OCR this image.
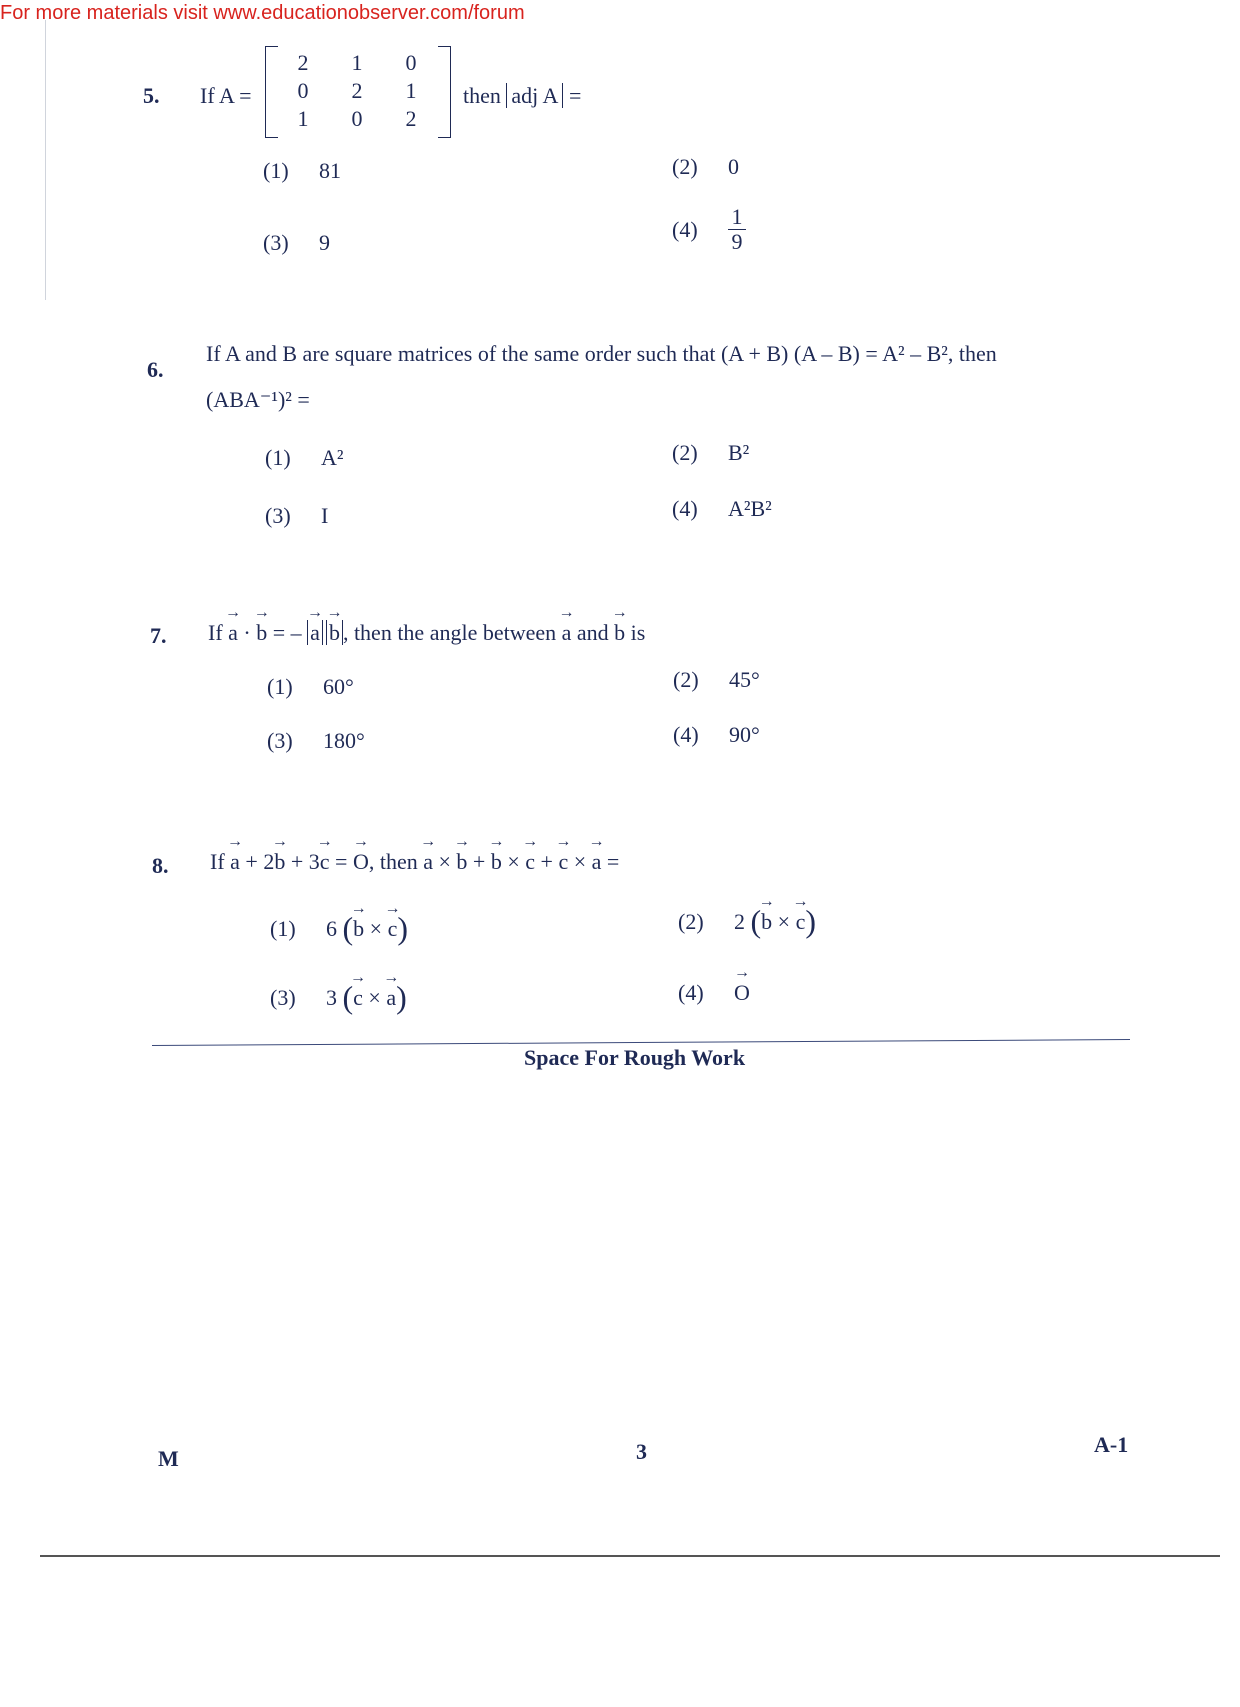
For more materials visit www.educationobserver.com/forum
5. If A =
2	1	0
0	2	1
1	0	2
then adj A =
(1) 81	(2) 0
(3) 9
$(4) \frac{1}{9}$
6.
If A and B are square matrices of the same order such that (A + B) (A – B) = A² – B², then
(ABA⁻¹)² =
(1) A²	(2) B²
(3) I	(4) A²B²
7. If → a · → b = – → a → b , then the angle between → a and → b is
(1) 60°	(2) 45°
(3) 180°	(4) 90°
8. If → a + 2→ b + 3→ c = → O, then → a × → b + → b × → c + → c × → a =
(1) 6 (→ b × → c)	(2) 2 (→ b × → c)
(3) 3 (→ c × → a)	(4) → O
Space For Rough Work
M	3	A-1
